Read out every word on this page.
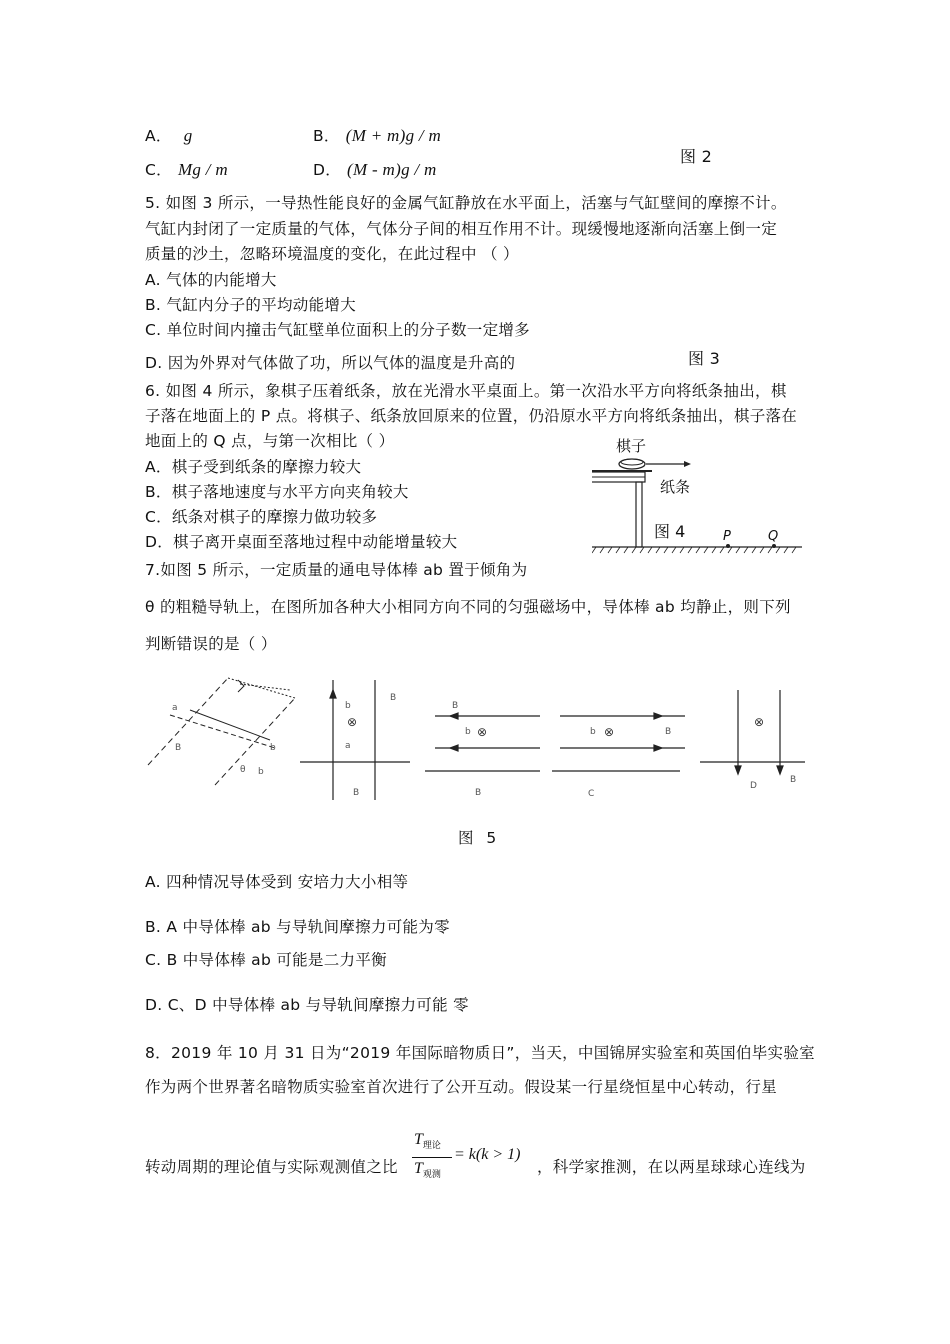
A． g	B． (M + m)g / m
C． Mg / m	D． (M - m)g / m
图 2
5. 如图 3 所示，一导热性能良好的金属气缸静放在水平面上，活塞与气缸壁间的摩擦不计。
气缸内封闭了一定质量的气体，气体分子间的相互作用不计。现缓慢地逐渐向活塞上倒一定
质量的沙土，忽略环境温度的变化，在此过程中 （ ）
A. 气体的内能增大
B. 气缸内分子的平均动能增大
C. 单位时间内撞击气缸壁单位面积上的分子数一定增多
D. 因为外界对气体做了功，所以气体的温度是升高的	图 3
6. 如图 4 所示，象棋子压着纸条，放在光滑水平桌面上。第一次沿水平方向将纸条抽出，棋
子落在地面上的 P 点。将棋子、纸条放回原来的位置，仍沿原水平方向将纸条抽出，棋子落在
地面上的 Q 点，与第一次相比（ ）
A．棋子受到纸条的摩擦力较大
B．棋子落地速度与水平方向夹角较大
C．纸条对棋子的摩擦力做功较多
D．棋子离开桌面至落地过程中动能增量较大
棋子
纸条
图 4	P	Q
7.如图 5 所示，一定质量的通电导体棒 ab 置于倾角为
θ 的粗糙导轨上，在图所加各种大小相同方向不同的匀强磁场中，导体棒 ab 均静止，则下列
判断错误的是（ ）
a
B	b
θ b
⊗
b
a
B
B
⊗
B
b
B
⊗
b	B
C
⊗
D
B
图 5
A. 四种情况导体受到 安培力大小相等
B. A 中导体棒 ab 与导轨间摩擦力可能为零
C. B 中导体棒 ab 可能是二力平衡
D. C、D 中导体棒 ab 与导轨间摩擦力可能 零
8．2019 年 10 月 31 日为“2019 年国际暗物质日”，当天，中国锦屏实验室和英国伯毕实验室
作为两个世界著名暗物质实验室首次进行了公开互动。假设某一行星绕恒星中心转动，行星
转动周期的理论值与实际观测值之比
$T_{理论}$
$T_{观测}$
= k(k > 1)
，科学家推测，在以两星球球心连线为
